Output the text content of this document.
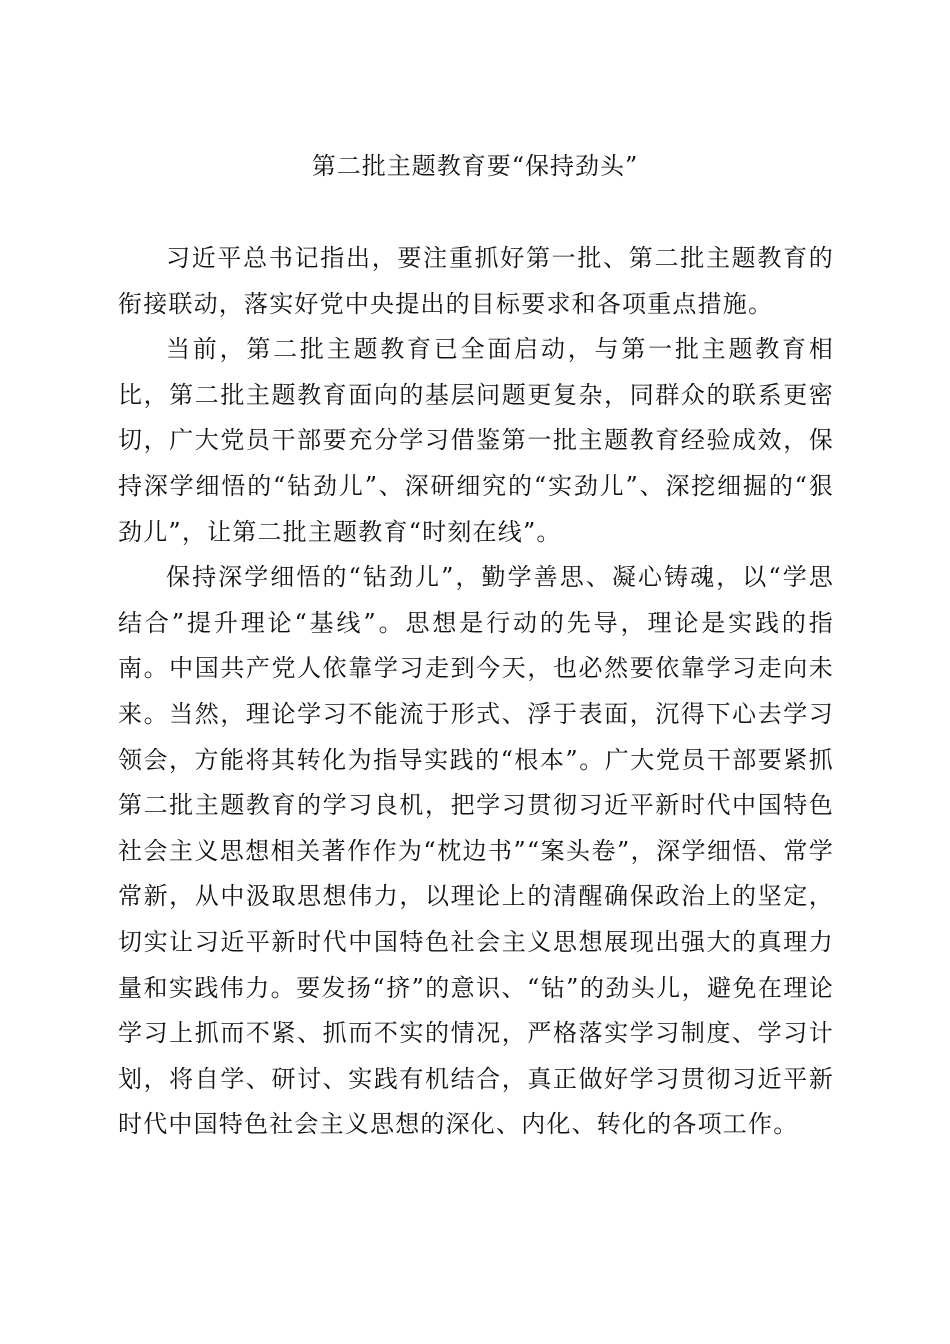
第二批主题教育要“保持劲头”

习近平总书记指出，要注重抓好第一批、第二批主题教育的衔接联动，落实好党中央提出的目标要求和各项重点措施。

当前，第二批主题教育已全面启动，与第一批主题教育相比，第二批主题教育面向的基层问题更复杂，同群众的联系更密切，广大党员干部要充分学习借鉴第一批主题教育经验成效，保持深学细悟的“钻劲儿”、深研细究的“实劲儿”、深挖细掘的“狠劲儿”，让第二批主题教育“时刻在线”。

保持深学细悟的“钻劲儿”，勤学善思、凝心铸魂，以“学思结合”提升理论“基线”。思想是行动的先导，理论是实践的指南。中国共产党人依靠学习走到今天，也必然要依靠学习走向未来。当然，理论学习不能流于形式、浮于表面，沉得下心去学习领会，方能将其转化为指导实践的“根本”。广大党员干部要紧抓第二批主题教育的学习良机，把学习贯彻习近平新时代中国特色社会主义思想相关著作作为“枕边书”“案头卷”，深学细悟、常学常新，从中汲取思想伟力，以理论上的清醒确保政治上的坚定，切实让习近平新时代中国特色社会主义思想展现出强大的真理力量和实践伟力。要发扬“挤”的意识、“钻”的劲头儿，避免在理论学习上抓而不紧、抓而不实的情况，严格落实学习制度、学习计划，将自学、研讨、实践有机结合，真正做好学习贯彻习近平新时代中国特色社会主义思想的深化、内化、转化的各项工作。
